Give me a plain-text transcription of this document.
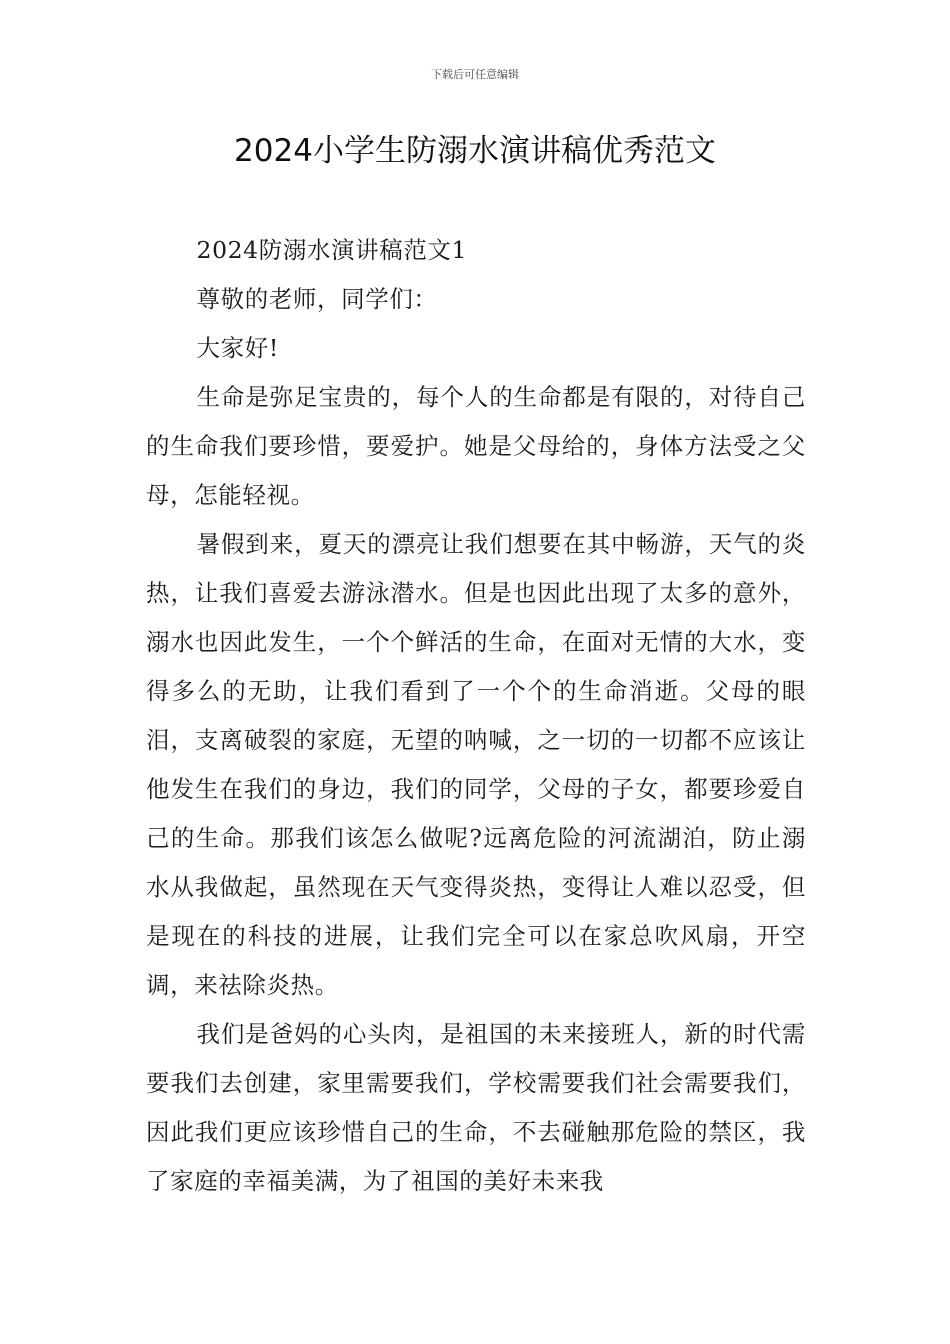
下载后可任意编辑
2024小学生防溺水演讲稿优秀范文

2024防溺水演讲稿范文1

尊敬的老师，同学们：

大家好!

生命是弥足宝贵的，每个人的生命都是有限的，对待自己的生命我们要珍惜，要爱护。她是父母给的，身体方法受之父母，怎能轻视。

暑假到来，夏天的漂亮让我们想要在其中畅游，天气的炎热，让我们喜爱去游泳潜水。但是也因此出现了太多的意外，溺水也因此发生，一个个鲜活的生命，在面对无情的大水，变得多么的无助，让我们看到了一个个的生命消逝。父母的眼泪，支离破裂的家庭，无望的呐喊，之一切的一切都不应该让他发生在我们的身边，我们的同学，父母的子女，都要珍爱自己的生命。那我们该怎么做呢?远离危险的河流湖泊，防止溺水从我做起，虽然现在天气变得炎热，变得让人难以忍受，但是现在的科技的进展，让我们完全可以在家总吹风扇，开空调，来祛除炎热。

我们是爸妈的心头肉，是祖国的未来接班人，新的时代需要我们去创建，家里需要我们，学校需要我们社会需要我们，因此我们更应该珍惜自己的生命，不去碰触那危险的禁区，我了家庭的幸福美满，为了祖国的美好未来我
